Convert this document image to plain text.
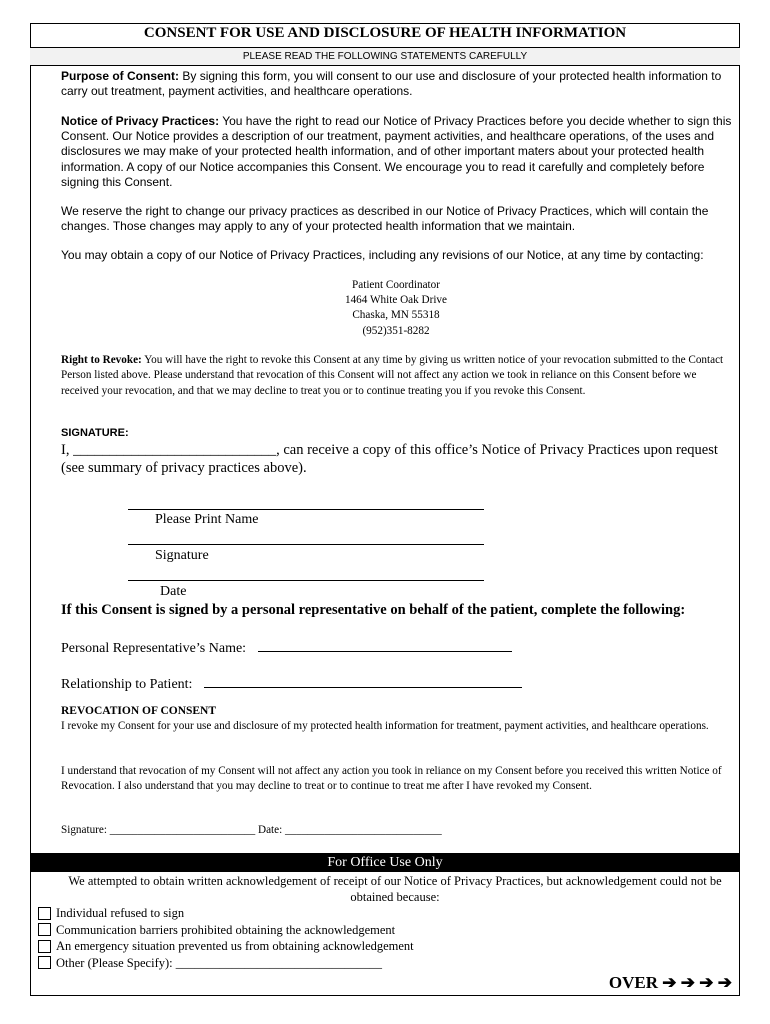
CONSENT FOR USE AND DISCLOSURE OF HEALTH INFORMATION
PLEASE READ THE FOLLOWING STATEMENTS CAREFULLY
Purpose of Consent: By signing this form, you will consent to our use and disclosure of your protected health information to carry out treatment, payment activities, and healthcare operations.
Notice of Privacy Practices: You have the right to read our Notice of Privacy Practices before you decide whether to sign this Consent. Our Notice provides a description of our treatment, payment activities, and healthcare operations, of the uses and disclosures we may make of your protected health information, and of other important maters about your protected health information. A copy of our Notice accompanies this Consent. We encourage you to read it carefully and completely before signing this Consent.
We reserve the right to change our privacy practices as described in our Notice of Privacy Practices, which will contain the changes. Those changes may apply to any of your protected health information that we maintain.
You may obtain a copy of our Notice of Privacy Practices, including any revisions of our Notice, at any time by contacting:
Patient Coordinator
1464 White Oak Drive
Chaska, MN 55318
(952)351-8282
Right to Revoke: You will have the right to revoke this Consent at any time by giving us written notice of your revocation submitted to the Contact Person listed above. Please understand that revocation of this Consent will not affect any action we took in reliance on this Consent before we received your revocation, and that we may decline to treat you or to continue treating you if you revoke this Consent.
SIGNATURE:
I, ____________________________, can receive a copy of this office’s Notice of Privacy Practices upon request (see summary of privacy practices above).
Please Print Name
Signature
Date
If this Consent is signed by a personal representative on behalf of the patient, complete the following:
Personal Representative’s Name:
Relationship to Patient:
REVOCATION OF CONSENT
I revoke my Consent for your use and disclosure of my protected health information for treatment, payment activities, and healthcare operations.
I understand that revocation of my Consent will not affect any action you took in reliance on my Consent before you received this written Notice of Revocation. I also understand that you may decline to treat or to continue to treat me after I have revoked my Consent.
Signature: __________________________ Date: ____________________________
For Office Use Only
We attempted to obtain written acknowledgement of receipt of our Notice of Privacy Practices, but acknowledgement could not be obtained because:
Individual refused to sign
Communication barriers prohibited obtaining the acknowledgement
An emergency situation prevented us from obtaining acknowledgement
Other (Please Specify): _________________________________
OVER ➔ ➔ ➔ ➔
